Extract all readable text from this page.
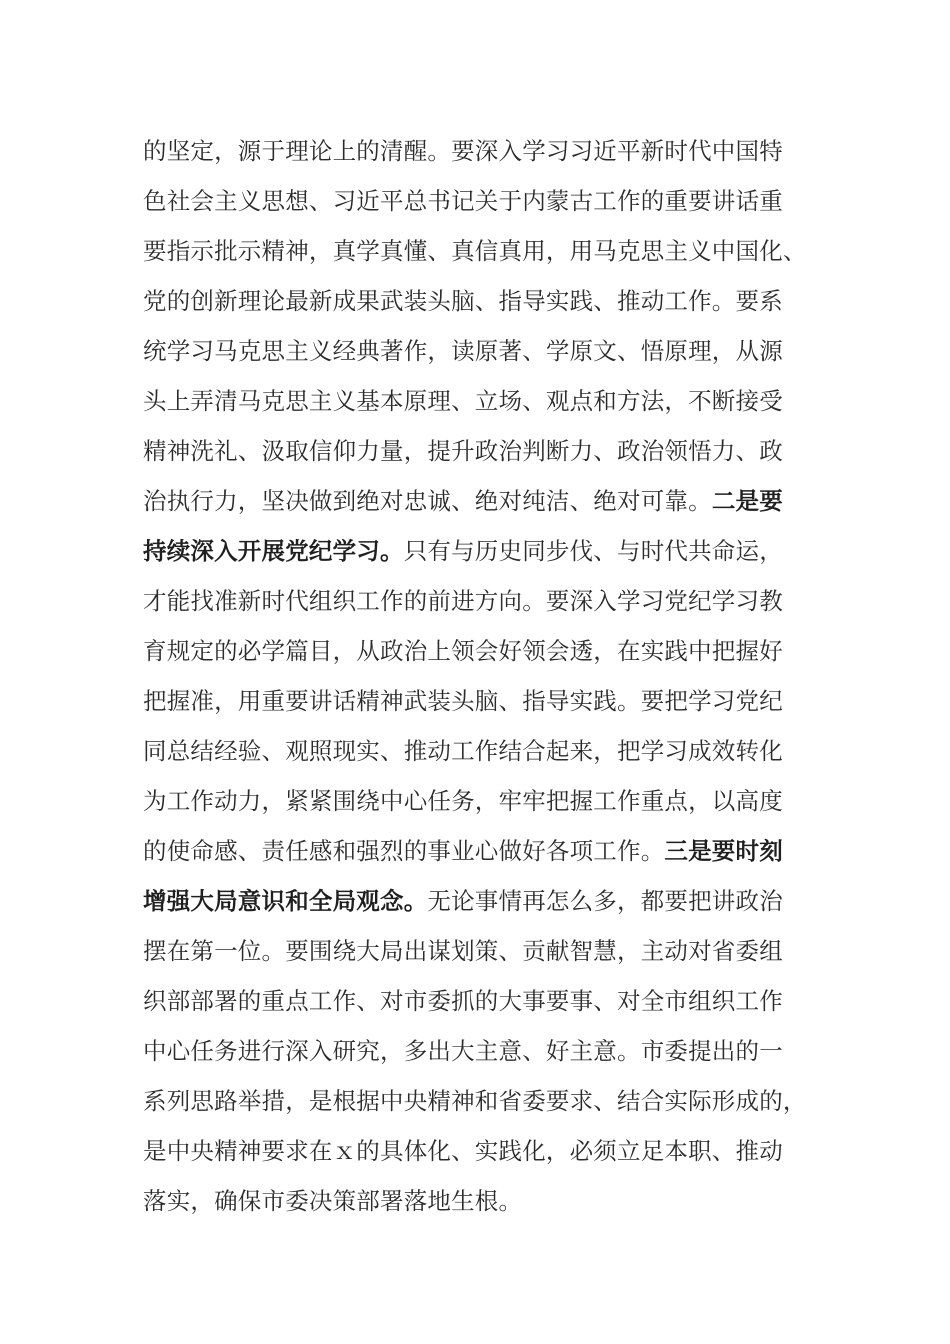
的坚定，源于理论上的清醒。要深入学习习近平新时代中国特
色社会主义思想、习近平总书记关于内蒙古工作的重要讲话重
要指示批示精神，真学真懂、真信真用，用马克思主义中国化、
党的创新理论最新成果武装头脑、指导实践、推动工作。要系
统学习马克思主义经典著作，读原著、学原文、悟原理，从源
头上弄清马克思主义基本原理、立场、观点和方法，不断接受
精神洗礼、汲取信仰力量，提升政治判断力、政治领悟力、政
治执行力，坚决做到绝对忠诚、绝对纯洁、绝对可靠。二是要
持续深入开展党纪学习。只有与历史同步伐、与时代共命运，
才能找准新时代组织工作的前进方向。要深入学习党纪学习教
育规定的必学篇目，从政治上领会好领会透，在实践中把握好
把握准，用重要讲话精神武装头脑、指导实践。要把学习党纪
同总结经验、观照现实、推动工作结合起来，把学习成效转化
为工作动力，紧紧围绕中心任务，牢牢把握工作重点，以高度
的使命感、责任感和强烈的事业心做好各项工作。三是要时刻
增强大局意识和全局观念。无论事情再怎么多，都要把讲政治
摆在第一位。要围绕大局出谋划策、贡献智慧，主动对省委组
织部部署的重点工作、对市委抓的大事要事、对全市组织工作
中心任务进行深入研究，多出大主意、好主意。市委提出的一
系列思路举措，是根据中央精神和省委要求、结合实际形成的，
是中央精神要求在ｘ的具体化、实践化，必须立足本职、推动
落实，确保市委决策部署落地生根。
